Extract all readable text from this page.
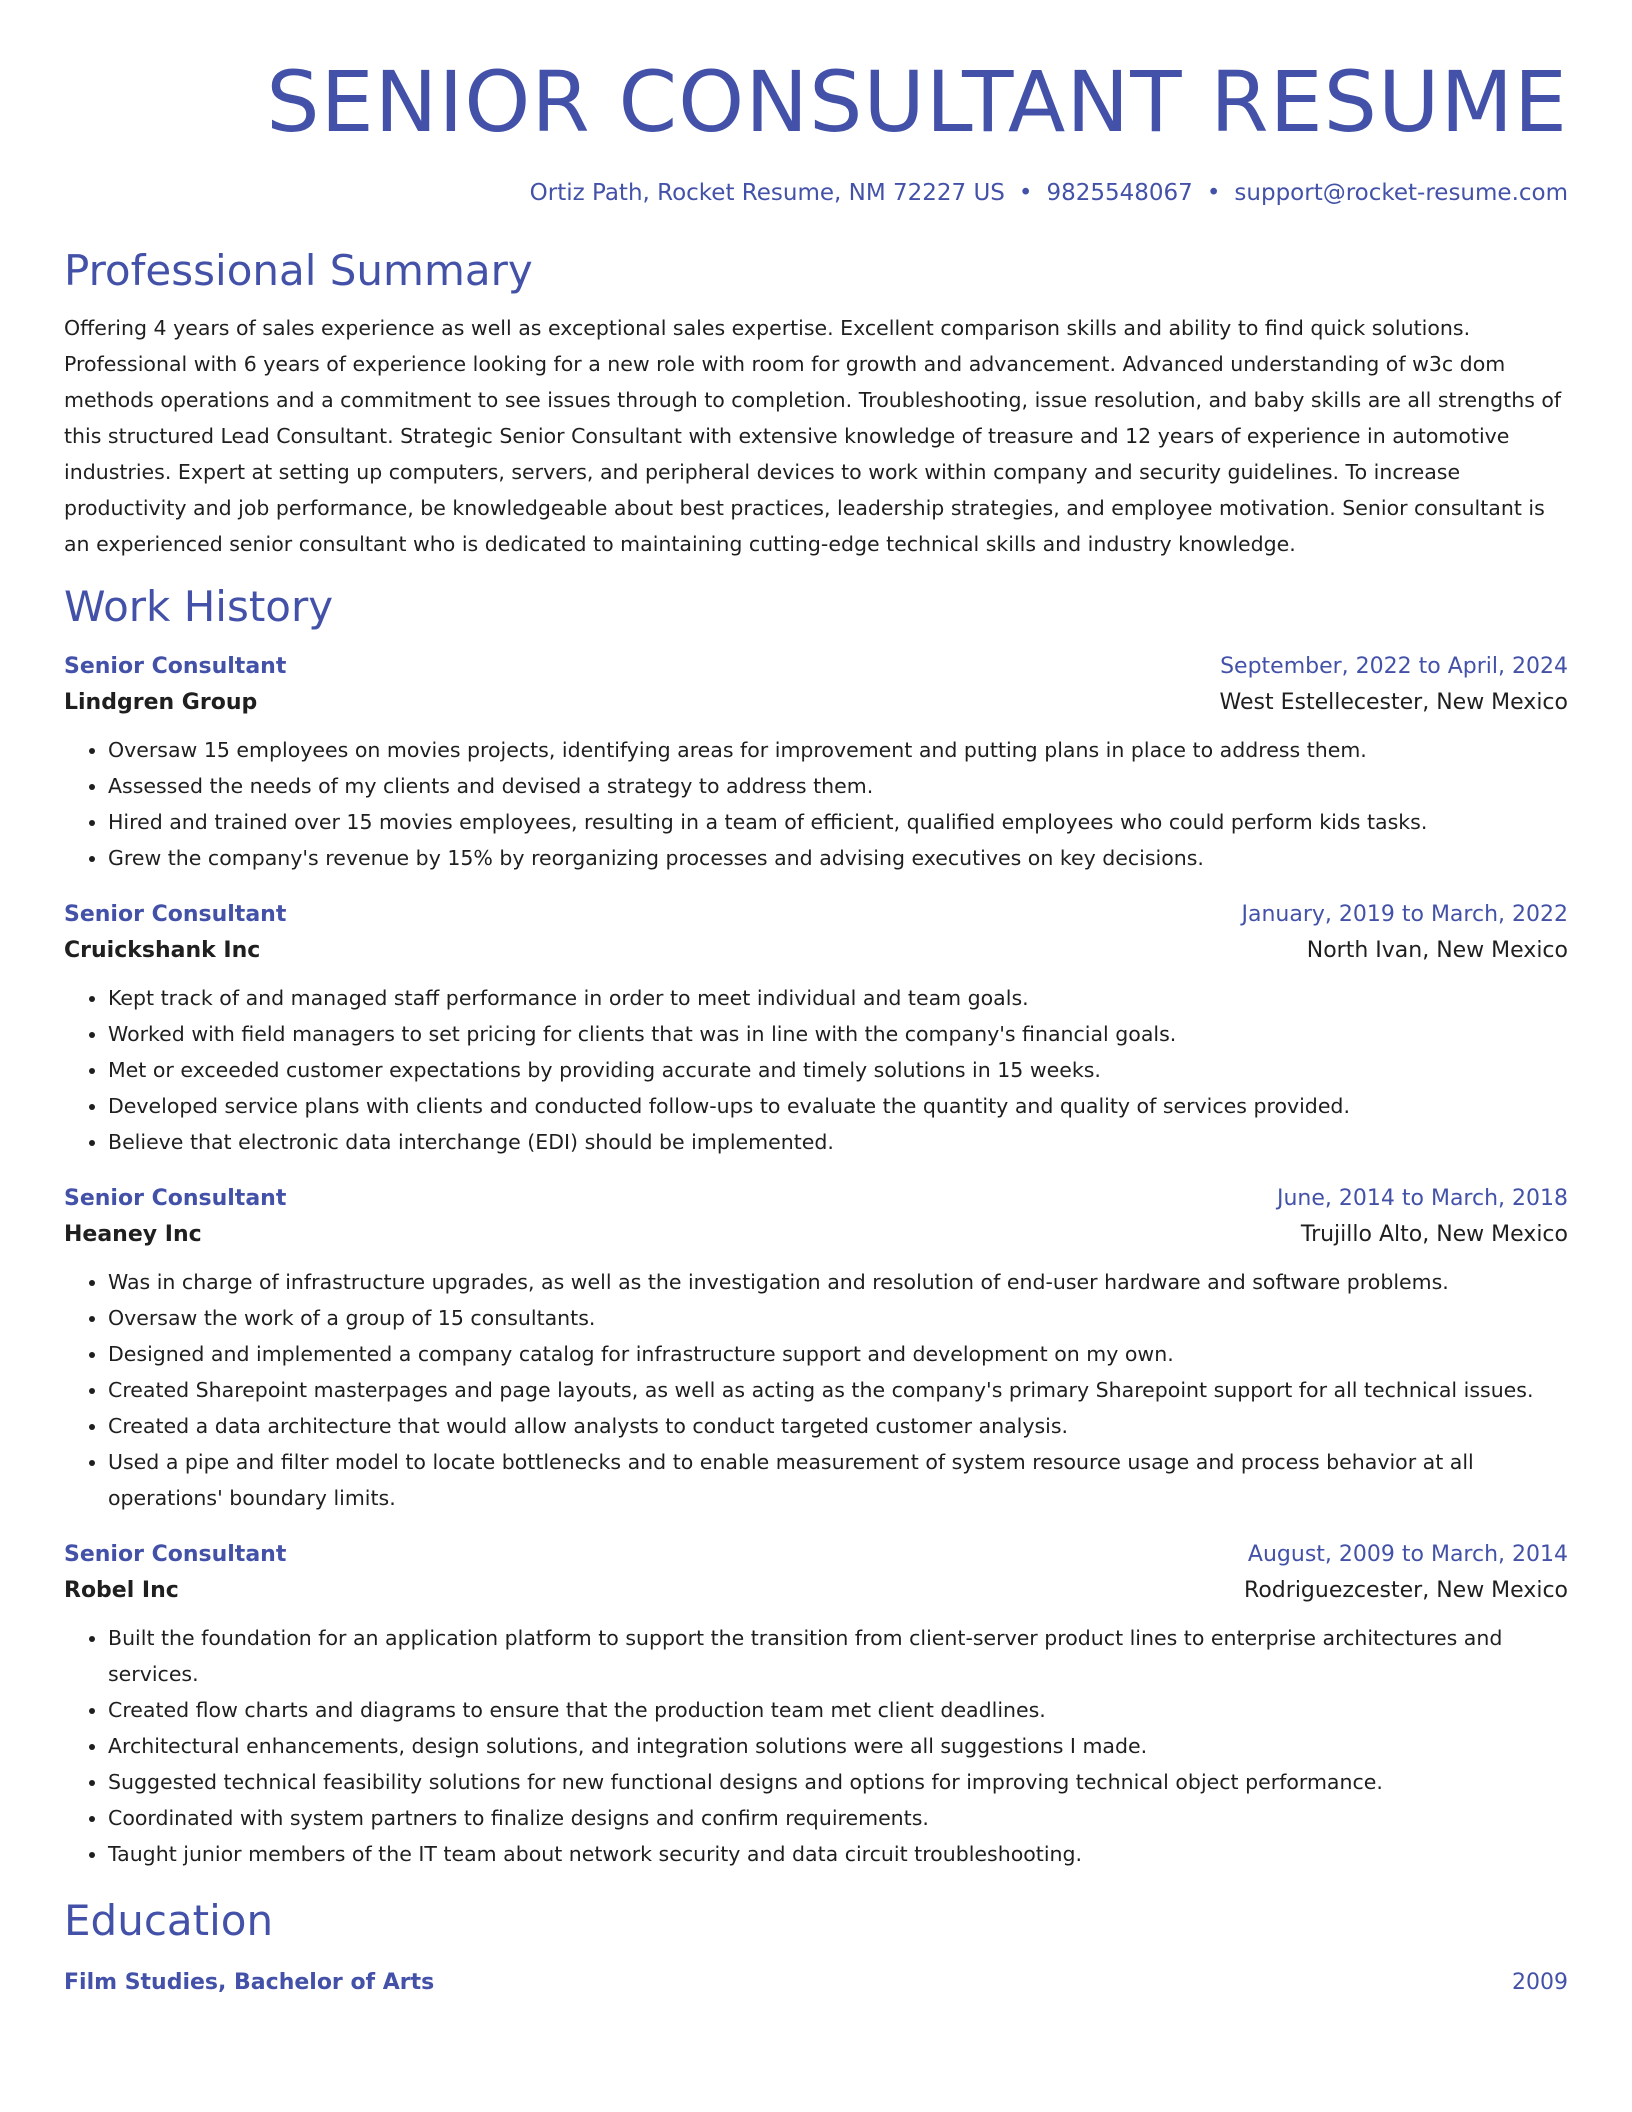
SENIOR CONSULTANT RESUME
Ortiz Path, Rocket Resume, NM 72227 US • 9825548067 • support@rocket-resume.com
Professional Summary

Offering 4 years of sales experience as well as exceptional sales expertise. Excellent comparison skills and ability to find quick solutions. Professional with 6 years of experience looking for a new role with room for growth and advancement. Advanced understanding of w3c dom methods operations and a commitment to see issues through to completion. Troubleshooting, issue resolution, and baby skills are all strengths of this structured Lead Consultant. Strategic Senior Consultant with extensive knowledge of treasure and 12 years of experience in automotive industries. Expert at setting up computers, servers, and peripheral devices to work within company and security guidelines. To increase productivity and job performance, be knowledgeable about best practices, leadership strategies, and employee motivation. Senior consultant is an experienced senior consultant who is dedicated to maintaining cutting-edge technical skills and industry knowledge.

Work History
Senior Consultant	September, 2022 to April, 2024
Lindgren Group	West Estellecester, New Mexico
• Oversaw 15 employees on movies projects, identifying areas for improvement and putting plans in place to address them.
• Assessed the needs of my clients and devised a strategy to address them.
• Hired and trained over 15 movies employees, resulting in a team of efficient, qualified employees who could perform kids tasks.
• Grew the company's revenue by 15% by reorganizing processes and advising executives on key decisions.
Senior Consultant	January, 2019 to March, 2022
Cruickshank Inc	North Ivan, New Mexico
• Kept track of and managed staff performance in order to meet individual and team goals.
• Worked with field managers to set pricing for clients that was in line with the company's financial goals.
• Met or exceeded customer expectations by providing accurate and timely solutions in 15 weeks.
• Developed service plans with clients and conducted follow-ups to evaluate the quantity and quality of services provided.
• Believe that electronic data interchange (EDI) should be implemented.
Senior Consultant	June, 2014 to March, 2018
Heaney Inc	Trujillo Alto, New Mexico
• Was in charge of infrastructure upgrades, as well as the investigation and resolution of end-user hardware and software problems.
• Oversaw the work of a group of 15 consultants.
• Designed and implemented a company catalog for infrastructure support and development on my own.
• Created Sharepoint masterpages and page layouts, as well as acting as the company's primary Sharepoint support for all technical issues.
• Created a data architecture that would allow analysts to conduct targeted customer analysis.
• Used a pipe and filter model to locate bottlenecks and to enable measurement of system resource usage and process behavior at all operations' boundary limits.
Senior Consultant	August, 2009 to March, 2014
Robel Inc	Rodriguezcester, New Mexico
• Built the foundation for an application platform to support the transition from client-server product lines to enterprise architectures and services.
• Created flow charts and diagrams to ensure that the production team met client deadlines.
• Architectural enhancements, design solutions, and integration solutions were all suggestions I made.
• Suggested technical feasibility solutions for new functional designs and options for improving technical object performance.
• Coordinated with system partners to finalize designs and confirm requirements.
• Taught junior members of the IT team about network security and data circuit troubleshooting.
Education
Film Studies, Bachelor of Arts	2009
